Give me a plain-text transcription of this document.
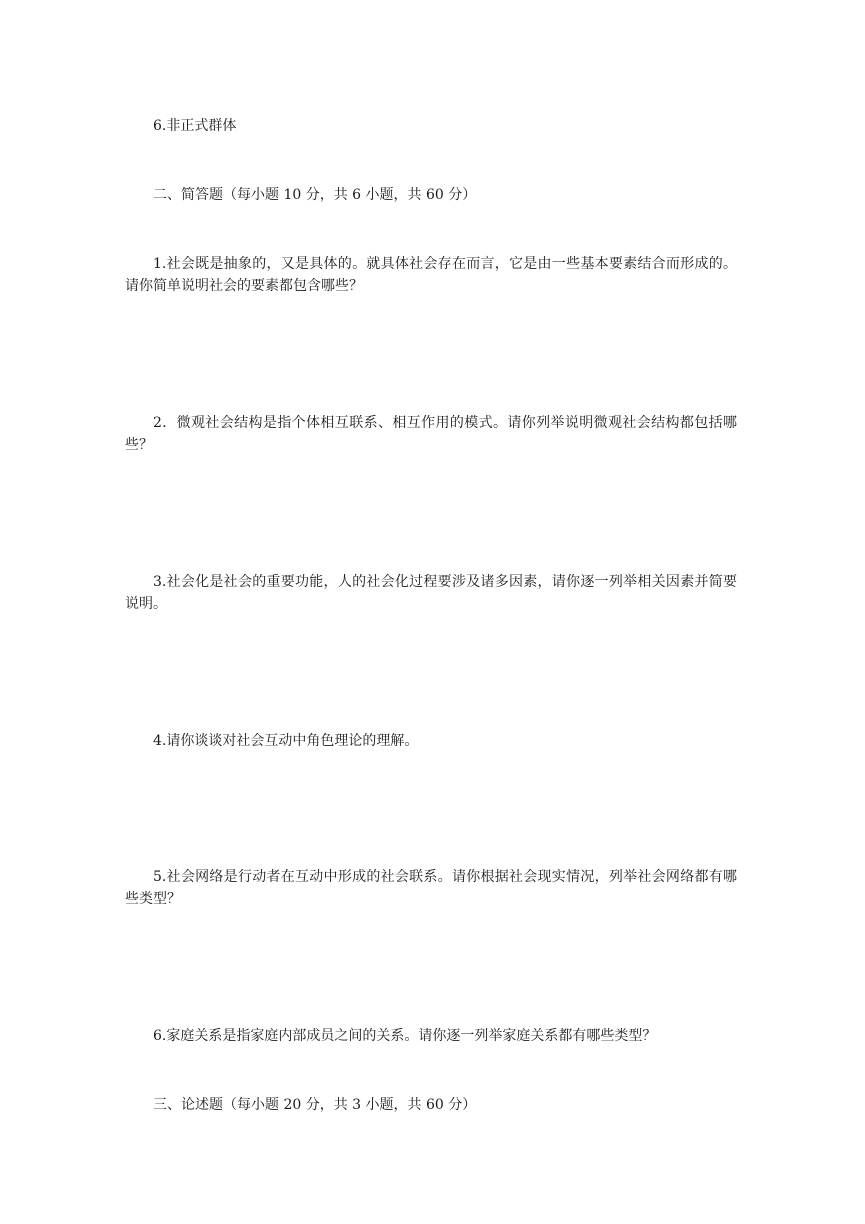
6.非正式群体
二、简答题（每小题 10 分，共 6 小题，共 60 分）
1.社会既是抽象的，又是具体的。就具体社会存在而言，它是由一些基本要素结合而形成的。请你简单说明社会的要素都包含哪些？
2．微观社会结构是指个体相互联系、相互作用的模式。请你列举说明微观社会结构都包括哪些？
3.社会化是社会的重要功能，人的社会化过程要涉及诸多因素，请你逐一列举相关因素并简要说明。
4.请你谈谈对社会互动中角色理论的理解。
5.社会网络是行动者在互动中形成的社会联系。请你根据社会现实情况，列举社会网络都有哪些类型？
6.家庭关系是指家庭内部成员之间的关系。请你逐一列举家庭关系都有哪些类型？
三、论述题（每小题 20 分，共 3 小题，共 60 分）
